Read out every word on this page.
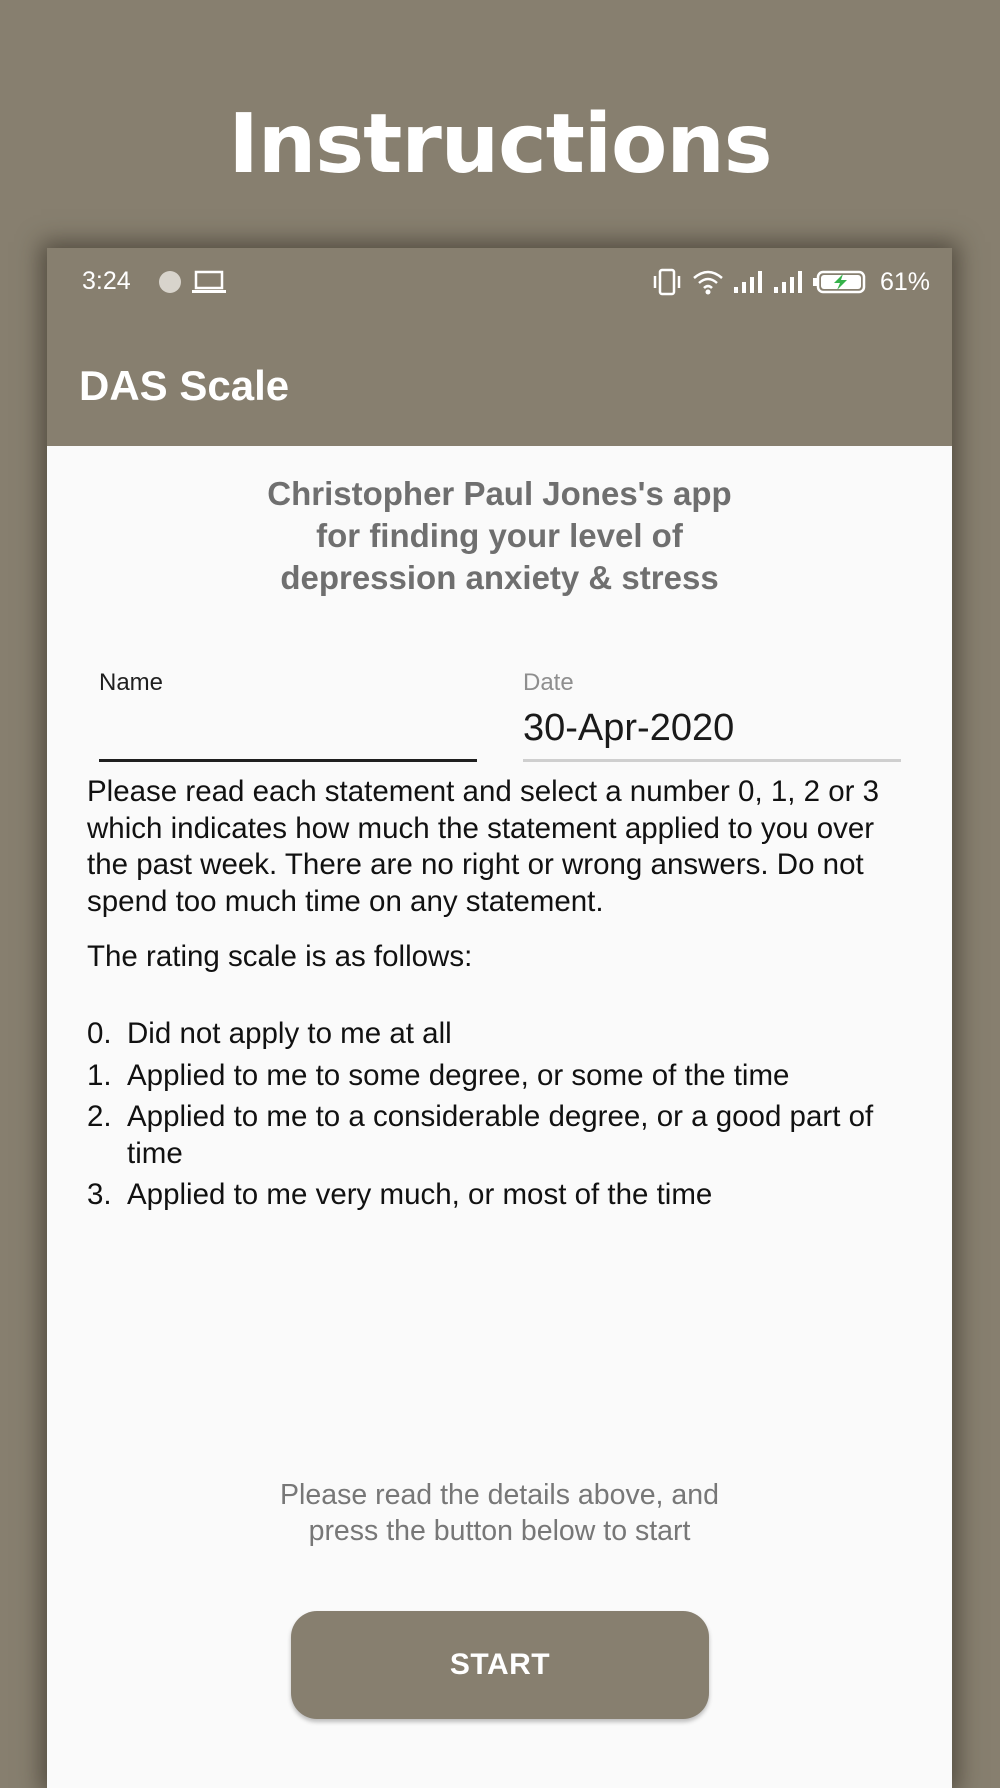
Instructions
3:24	61%
DAS Scale
Christopher Paul Jones's app
for finding your level of
depression anxiety & stress
Name	Date
30-Apr-2020

Please read each statement and select a number 0, 1, 2 or 3 which indicates how much the statement applied to you over the past week. There are no right or wrong answers. Do not spend too much time on any statement.

The rating scale is as follows:

0. Did not apply to me at all
1. Applied to me to some degree, or some of the time
2. Applied to me to a considerable degree, or a good part of time
3. Applied to me very much, or most of the time

Please read the details above, and
press the button below to start

START
